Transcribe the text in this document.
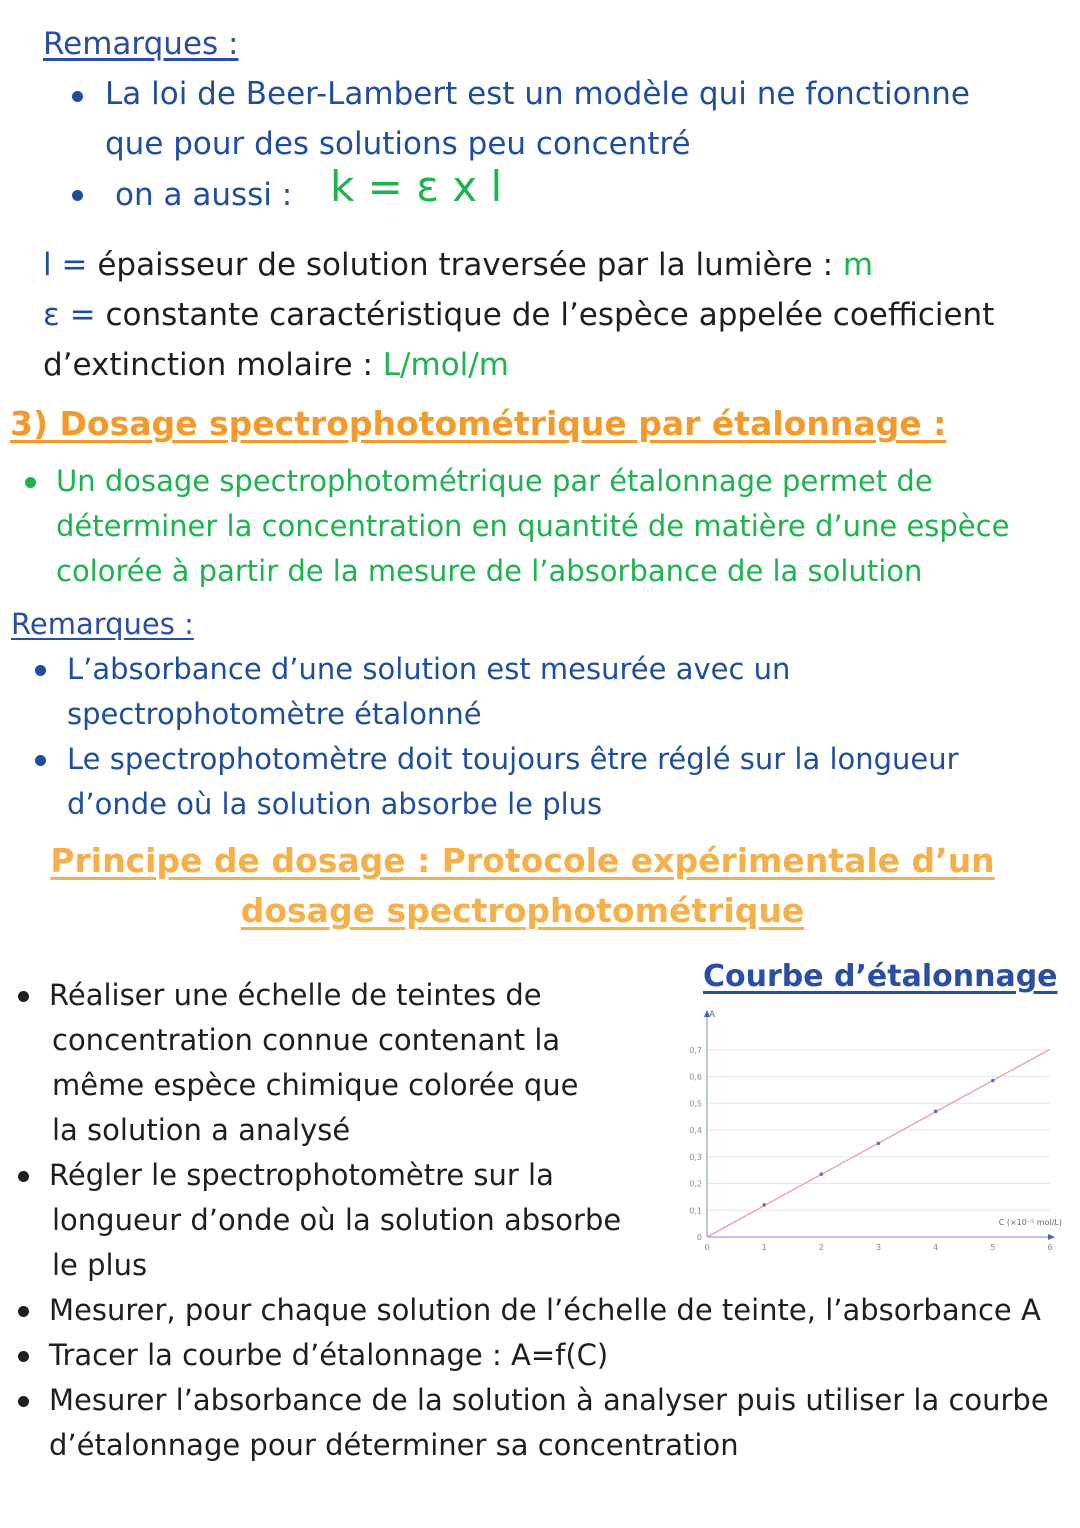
Remarques :
La loi de Beer-Lambert est un modèle qui ne fonctionne
que pour des solutions peu concentré
on a aussi : k = ε x l
l = épaisseur de solution traversée par la lumière : m
ε = constante caractéristique de l’espèce appelée coefficient
d’extinction molaire : L/mol/m
3) Dosage spectrophotométrique par étalonnage :
Un dosage spectrophotométrique par étalonnage permet de
déterminer la concentration en quantité de matière d’une espèce
colorée à partir de la mesure de l’absorbance de la solution
Remarques :
L’absorbance d’une solution est mesurée avec un
spectrophotomètre étalonné
Le spectrophotomètre doit toujours être réglé sur la longueur
d’onde où la solution absorbe le plus
Principe de dosage : Protocole expérimentale d’un
dosage spectrophotométrique
Courbe d’étalonnage
Réaliser une échelle de teintes de
concentration connue contenant la
même espèce chimique colorée que
la solution a analysé
Régler le spectrophotomètre sur la
longueur d’onde où la solution absorbe
le plus
Mesurer, pour chaque solution de l’échelle de teinte, l’absorbance A
Tracer la courbe d’étalonnage : A=f(C)
Mesurer l’absorbance de la solution à analyser puis utiliser la courbe
d’étalonnage pour déterminer sa concentration
0,1
0,2
0,3
0,4
0,5
0,6
0,7
0
0	1	2	3	4	5	6
A
C (×10⁻⁵ mol/L)
